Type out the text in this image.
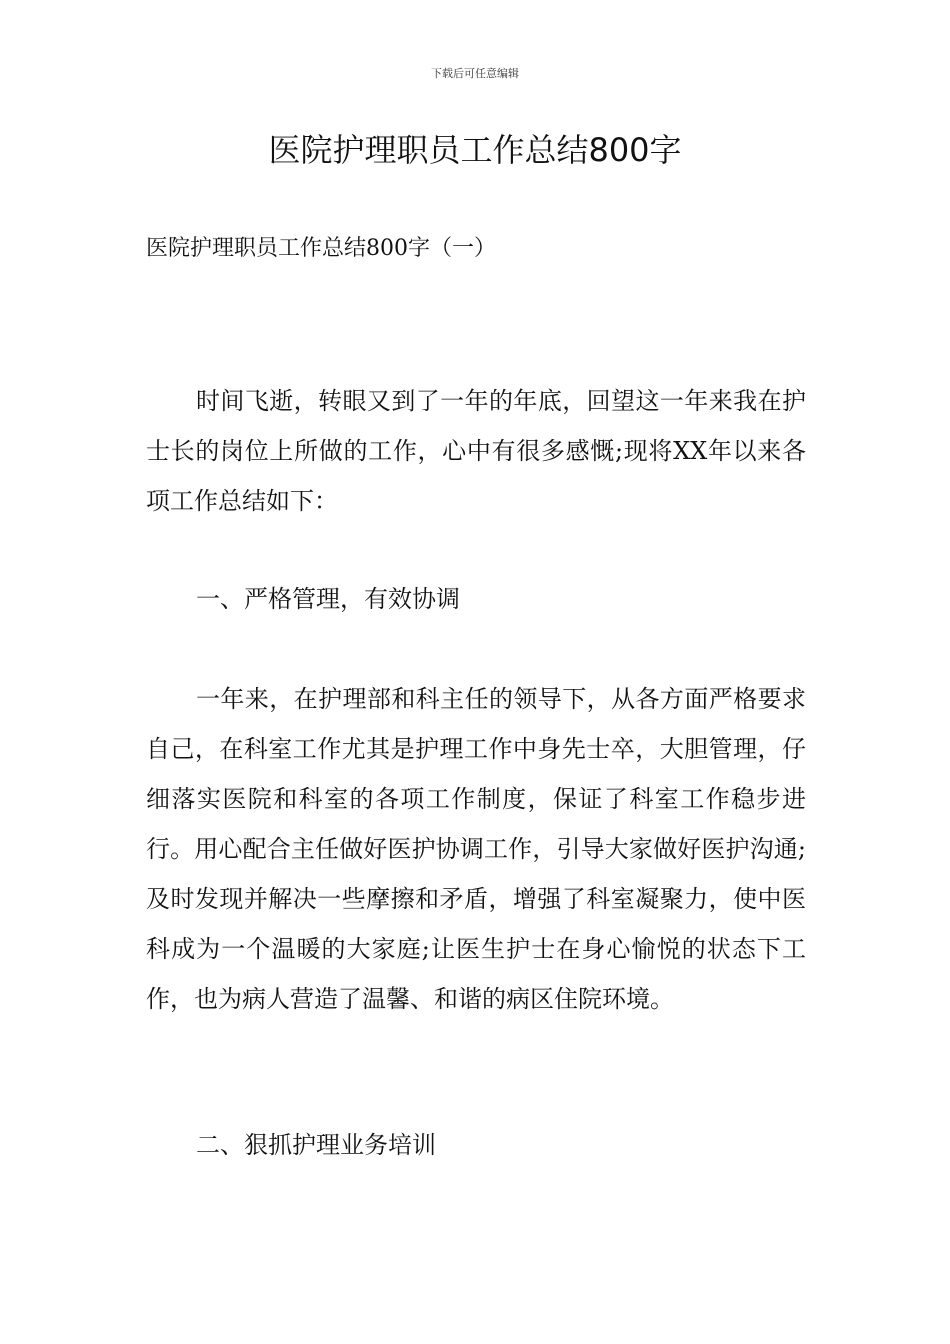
下载后可任意编辑
医院护理职员工作总结800字

医院护理职员工作总结800字（一）

时间飞逝，转眼又到了一年的年底，回望这一年来我在护士长的岗位上所做的工作，心中有很多感慨;现将XX年以来各项工作总结如下：

一、严格管理，有效协调

一年来，在护理部和科主任的领导下，从各方面严格要求自己，在科室工作尤其是护理工作中身先士卒，大胆管理，仔细落实医院和科室的各项工作制度，保证了科室工作稳步进行。用心配合主任做好医护协调工作，引导大家做好医护沟通;及时发现并解决一些摩擦和矛盾，增强了科室凝聚力，使中医科成为一个温暖的大家庭;让医生护士在身心愉悦的状态下工作，也为病人营造了温馨、和谐的病区住院环境。

二、狠抓护理业务培训
